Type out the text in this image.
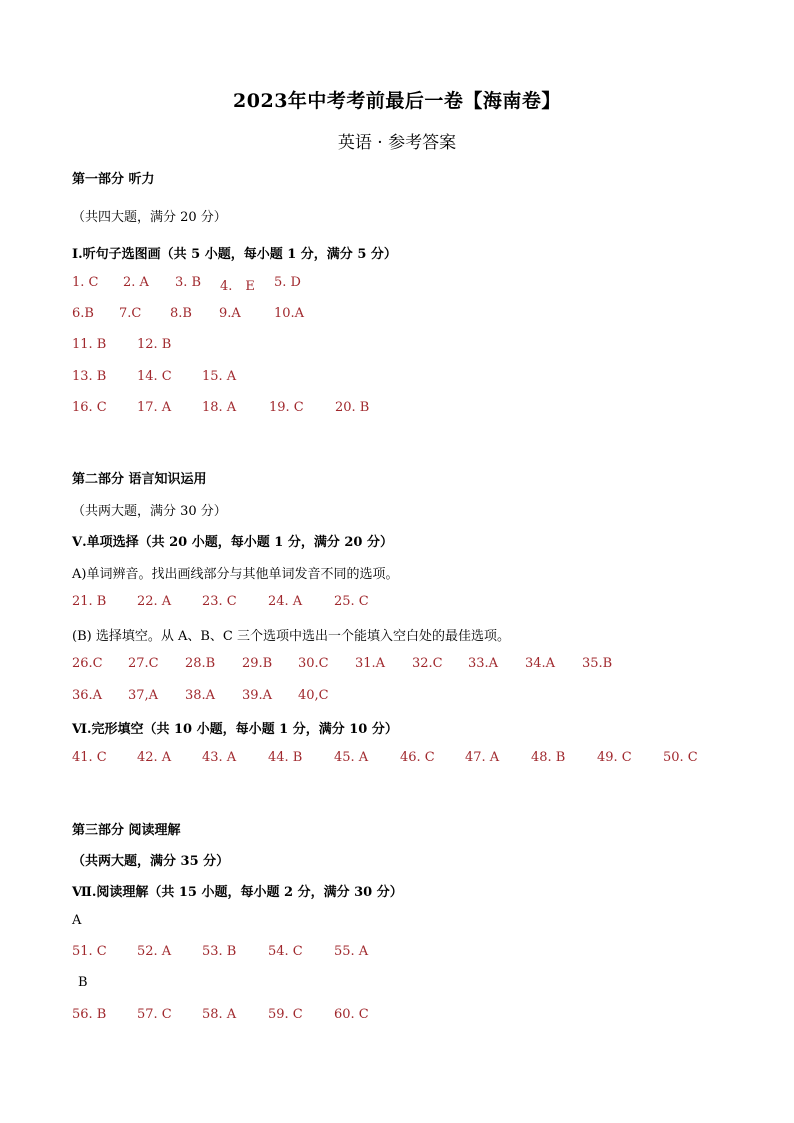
2023年中考考前最后一卷【海南卷】
英语 · 参考答案
第一部分 听力
（共四大题，满分 20 分）
Ⅰ.听句子选图画（共 5 小题，每小题 1 分，满分 5 分）
1. C 2. A 3. B 4.　E 5. D
6.B 7.C 8.B 9.A	10.A
11. B 12. B
13. B 14. C 15. A
16. C 17. A 18. A	19. C 20. B
第二部分 语言知识运用
（共两大题，满分 30 分）
Ⅴ.单项选择（共 20 小题，每小题 1 分，满分 20 分）
A)单词辨音。找出画线部分与其他单词发音不同的选项。
21. B 22. A 23. C 24. A 25. C
(B) 选择填空。从 A、B、C 三个选项中选出一个能填入空白处的最佳选项。
26.C 27.C 28.B 29.B 30.C 31.A 32.C 33.A 34.A 35.B
36.A 37,A 38.A 39.A 40,C
Ⅵ.完形填空（共 10 小题，每小题 1 分，满分 10 分）
41. C 42. A 43. A 44. B 45. A 46. C 47. A 48. B 49. C 50. C
第三部分 阅读理解
（共两大题，满分 35 分）
Ⅶ.阅读理解（共 15 小题，每小题 2 分，满分 30 分）
A
51. C 52. A 53. B 54. C 55. A
B
56. B 57. C 58. A 59. C 60. C
